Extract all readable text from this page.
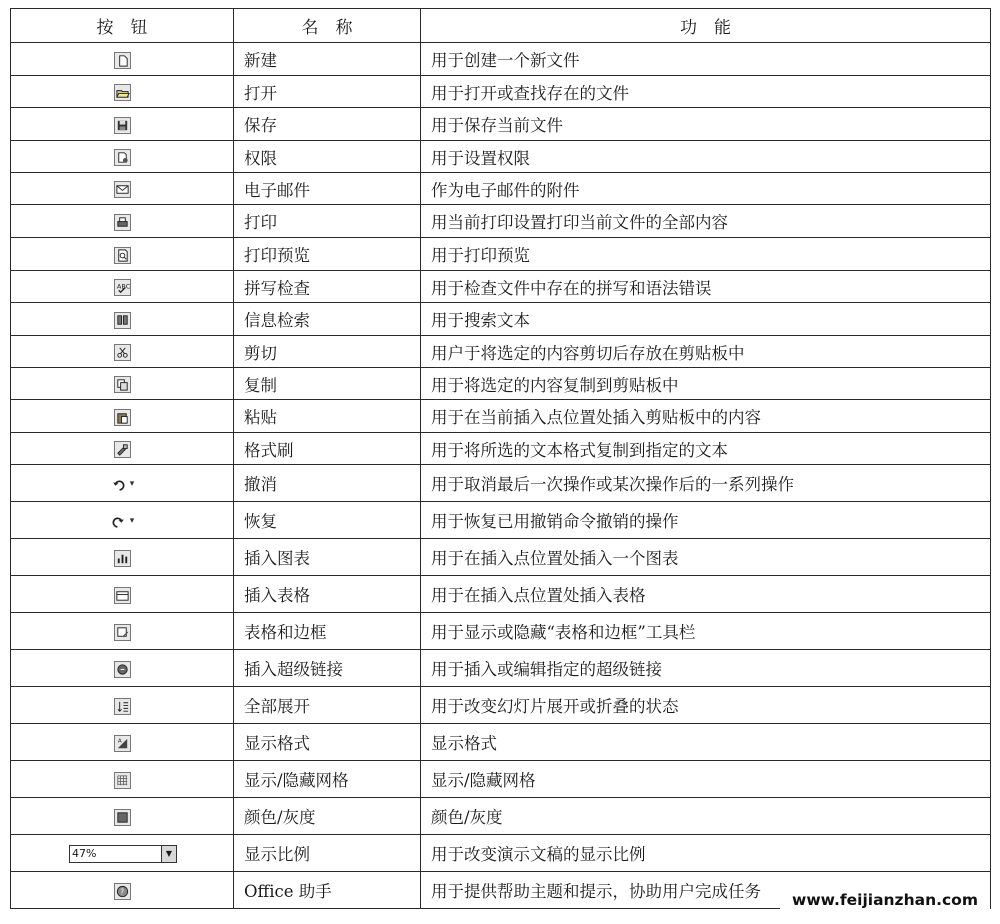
按　钮	名　称	功　能

	新建	用于创建一个新文件

	打开	用于打开或查找存在的文件

	保存	用于保存当前文件

	权限	用于设置权限

	电子邮件	作为电子邮件的附件

	打印	用当前打印设置打印当前文件的全部内容

	打印预览	用于打印预览

ABC	拼写检查	用于检查文件中存在的拼写和语法错误

	信息检索	用于搜索文本

	剪切	用户于将选定的内容剪切后存放在剪贴板中

	复制	用于将选定的内容复制到剪贴板中

	粘贴	用于在当前插入点位置处插入剪贴板中的内容

	格式刷	用于将所选的文本格式复制到指定的文本

▾	撤消	用于取消最后一次操作或某次操作后的一系列操作

▾	恢复	用于恢复已用撤销命令撤销的操作

	插入图表	用于在插入点位置处插入一个图表

	插入表格	用于在插入点位置处插入表格

	表格和边框	用于显示或隐藏“表格和边框”工具栏

	插入超级链接	用于插入或编辑指定的超级链接

	全部展开	用于改变幻灯片展开或折叠的状态

A	显示格式	显示格式

	显示/隐藏网格	显示/隐藏网格

	颜色/灰度	颜色/灰度

47% ▼	显示比例	用于改变演示文稿的显示比例

?	Office 助手	用于提供帮助主题和提示，协助用户完成任务	www.feijianzhan.com
